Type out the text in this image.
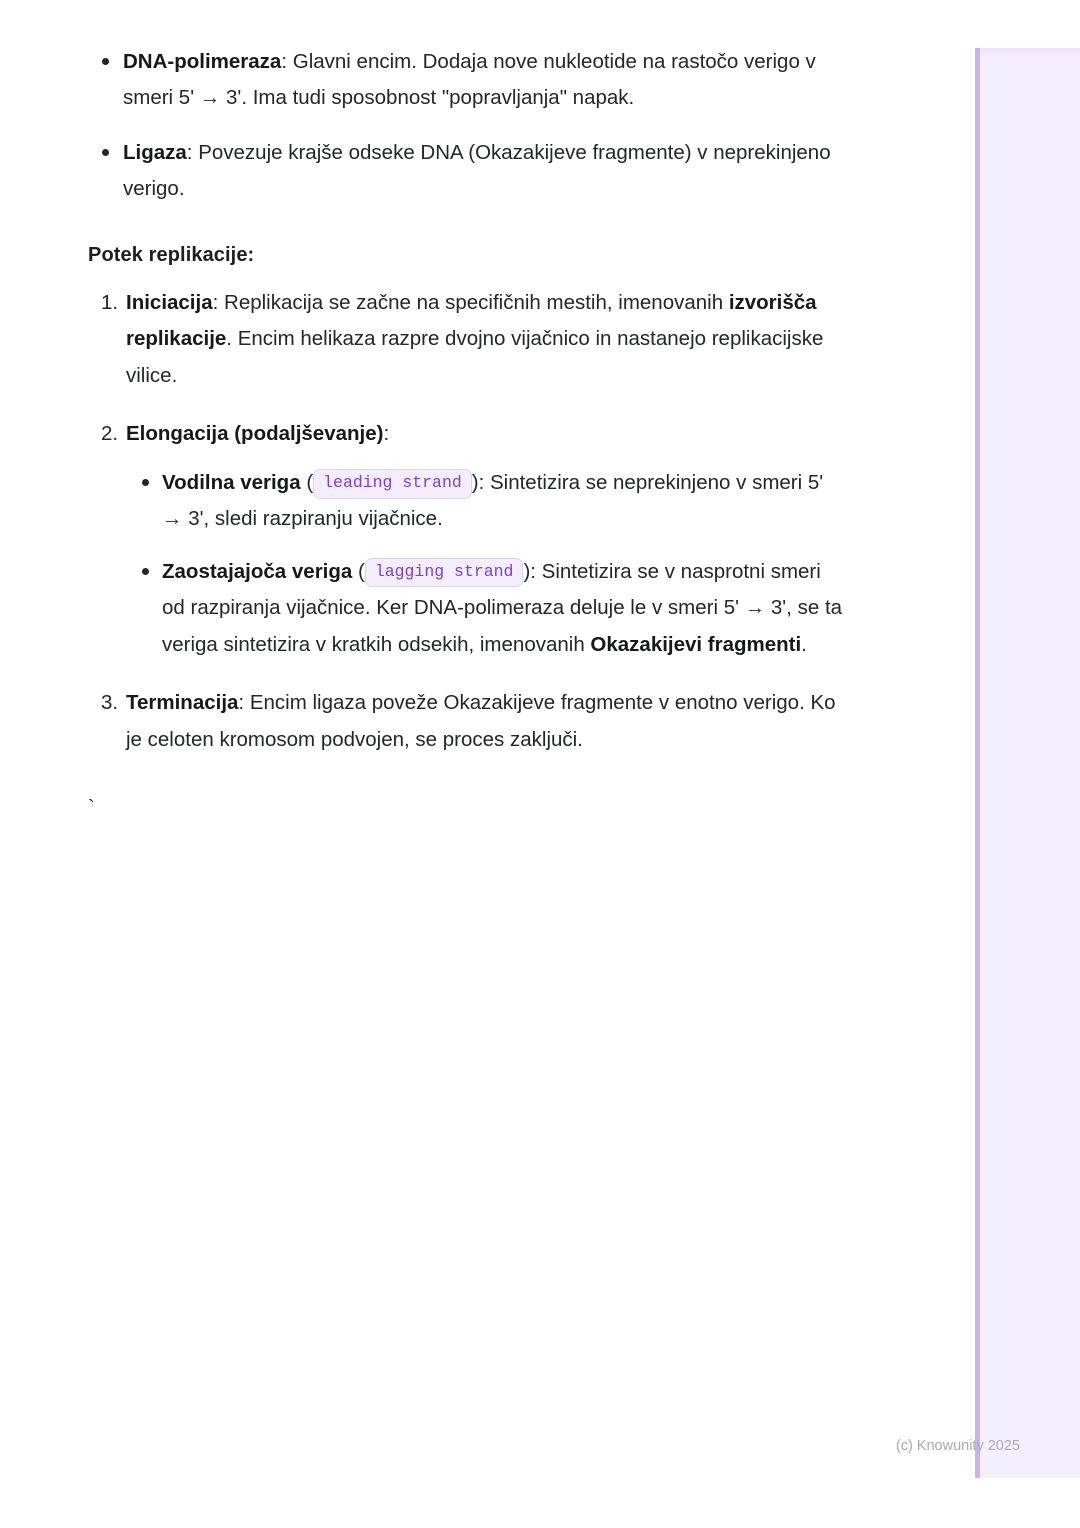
DNA-polimeraza: Glavni encim. Dodaja nove nukleotide na rastočo verigo v smeri 5' → 3'. Ima tudi sposobnost "popravljanja" napak.
Ligaza: Povezuje krajše odseke DNA (Okazakijeve fragmente) v neprekinjeno verigo.
Potek replikacije:
Iniciacija: Replikacija se začne na specifičnih mestih, imenovanih izvorišča replikacije. Encim helikaza razpre dvojno vijačnico in nastanejo replikacijske vilice.
Elongacija (podaljševanje):
Vodilna veriga ( leading strand ): Sintetizira se neprekinjeno v smeri 5' → 3', sledi razpiranju vijačnice.
Zaostajajoča veriga ( lagging strand ): Sintetizira se v nasprotni smeri od razpiranja vijačnice. Ker DNA-polimeraza deluje le v smeri 5' → 3', se ta veriga sintetizira v kratkih odsekih, imenovanih Okazakijevi fragmenti.
Terminacija: Encim ligaza poveže Okazakijeve fragmente v enotno verigo. Ko je celoten kromosom podvojen, se proces zaključi.
`
(c) Knowunity 2025
